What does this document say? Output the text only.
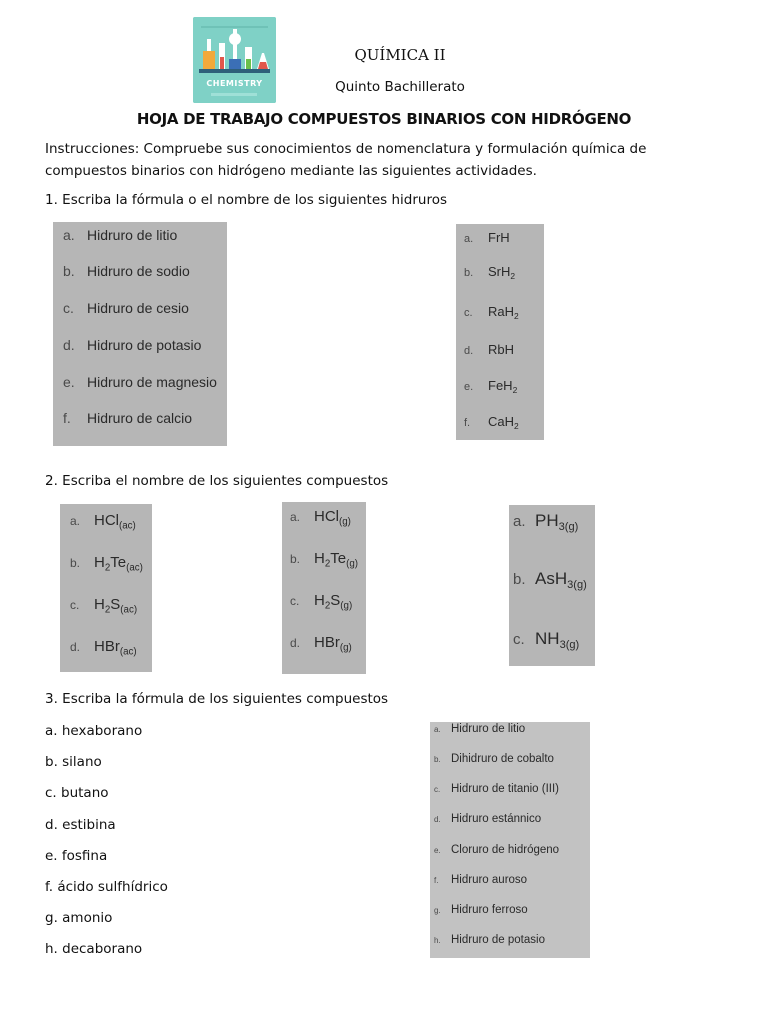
CHEMISTRY
QUÍMICA II
Quinto Bachillerato
HOJA DE TRABAJO COMPUESTOS BINARIOS CON HIDRÓGENO
Instrucciones: Compruebe sus conocimientos de nomenclatura y formulación química de
compuestos binarios con hidrógeno mediante las siguientes actividades.
1. Escriba la fórmula o el nombre de los siguientes hidruros
a. Hidruro de litio
b. Hidruro de sodio
c. Hidruro de cesio
d. Hidruro de potasio
e. Hidruro de magnesio
f. Hidruro de calcio
a. FrH
b. SrH$_2$
c. RaH$_2$
d. RbH
e. FeH$_2$
f. CaH$_2$
2. Escriba el nombre de los siguientes compuestos
a. HCl$_{(ac)}$
b. $H_2Te_{(ac)}$
c. $H_2S_{(ac)}$
d. HBr$_{(ac)}$
a. HCl$_{(g)}$
b. $H_2Te_{(g)}$
c. $H_2S_{(g)}$
d. HBr$_{(g)}$
a. $PH_{3(g)}$
b. AsH$_{3(g)}$
c. $NH_{3(g)}$
3. Escriba la fórmula de los siguientes compuestos
a. hexaborano
b. silano
c. butano
d. estibina
e. fosfina
f. ácido sulfhídrico
g. amonio
h. decaborano
a. Hidruro de litio
b. Dihidruro de cobalto
c. Hidruro de titanio (III)
d. Hidruro estánnico
e. Cloruro de hidrógeno
f. Hidruro auroso
g. Hidruro ferroso
h. Hidruro de potasio
